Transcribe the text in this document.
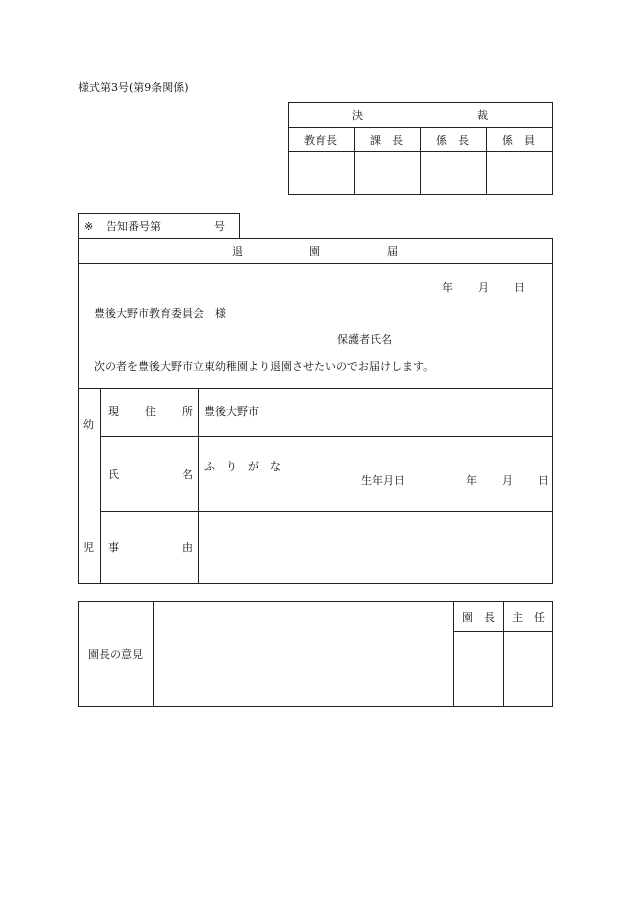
様式第3号(第9条関係)
決	裁
教育長	課　長	係　長	係　員
※ 告知番号第	号
退	園	届
年 月 日
豊後大野市教育委員会　様
保護者氏名
次の者を豊後大野市立東幼稚園より退園させたいのでお届けします。
幼
児
現 住 所 豊後大野市
氏	名
ふ　り　が　な
生年月日	年 月 日
事	由
園長の意見
園　長 主　任
